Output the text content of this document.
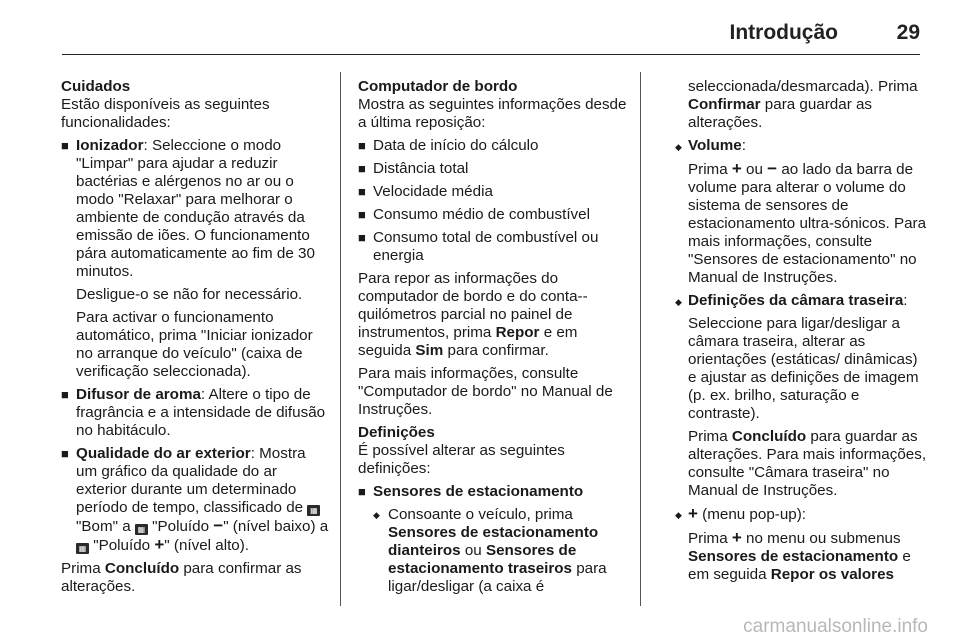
Introdução	29
Cuidados

Estão disponíveis as seguintes funcionalidades:

■ Ionizador: Seleccione o modo "Limpar" para ajudar a reduzir bactérias e alérgenos no ar ou o modo "Relaxar" para melhorar o ambiente de condução através da emissão de iões. O funcionamento pára automaticamente ao fim de 30 minutos.
Desligue-o se não for necessário.
Para activar o funcionamento automático, prima "Iniciar ionizador no arranque do veículo" (caixa de verificação seleccionada).
■ Difusor de aroma: Altere o tipo de fragrância e a intensidade de difusão no habitáculo.
■ Qualidade do ar exterior: Mostra um gráfico da qualidade do ar exterior durante um determinado período de tempo, classificado de ▦ "Bom" a ▦ "Poluído −" (nível baixo) a ▦ "Poluído +" (nível alto).

Prima Concluído para confirmar as alterações.

Computador de bordo

Mostra as seguintes informações desde a última reposição:

■ Data de início do cálculo
■ Distância total
■ Velocidade média
■ Consumo médio de combustível
■ Consumo total de combustível ou energia

Para repor as informações do computador de bordo e do conta--quilómetros parcial no painel de instrumentos, prima Repor e em seguida Sim para confirmar.

Para mais informações, consulte "Computador de bordo" no Manual de Instruções.

Definições

É possível alterar as seguintes definições:

■ Sensores de estacionamento
◆ Consoante o veículo, prima Sensores de estacionamento dianteiros ou Sensores de estacionamento traseiros para ligar/desligar (a caixa é
seleccionada/desmarcada). Prima Confirmar para guardar as alterações.
◆ Volume:
Prima + ou − ao lado da barra de volume para alterar o volume do sistema de sensores de estacionamento ultra-sónicos. Para mais informações, consulte "Sensores de estacionamento" no Manual de Instruções.
◆ Definições da câmara traseira:
Seleccione para ligar/desligar a câmara traseira, alterar as orientações (estáticas/ dinâmicas) e ajustar as definições de imagem (p. ex. brilho, saturação e contraste).
Prima Concluído para guardar as alterações. Para mais informações, consulte "Câmara traseira" no Manual de Instruções.
◆ + (menu pop-up):
Prima + no menu ou submenus Sensores de estacionamento e em seguida Repor os valores
carmanualsonline.info
